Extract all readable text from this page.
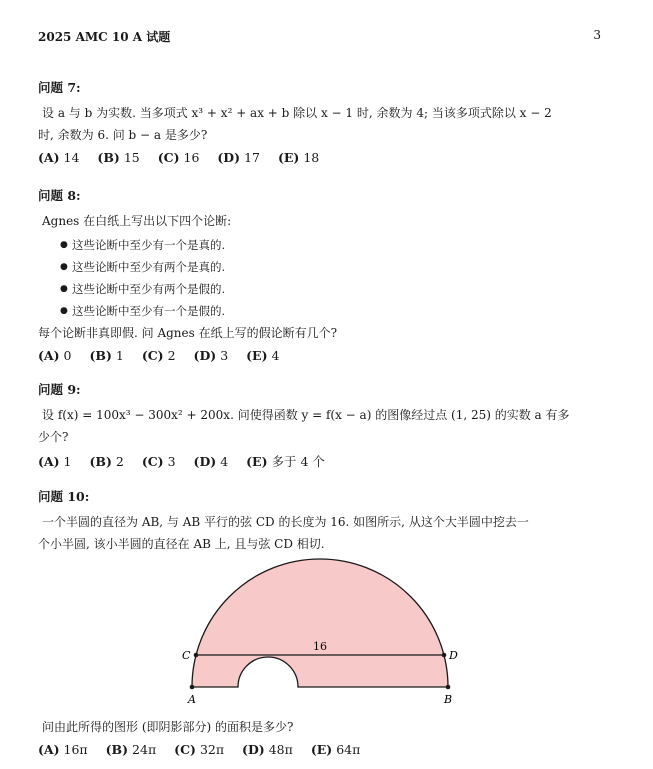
2025 AMC 10 A 试题	3
问题 7:
设 a 与 b 为实数. 当多项式 x³ + x² + ax + b 除以 x − 1 时, 余数为 4; 当该多项式除以 x − 2
时, 余数为 6. 问 b − a 是多少?
(A) 14 (B) 15 (C) 16 (D) 17 (E) 18
问题 8:
Agnes 在白纸上写出以下四个论断:
● 这些论断中至少有一个是真的.
● 这些论断中至少有两个是真的.
● 这些论断中至少有两个是假的.
● 这些论断中至少有一个是假的.
每个论断非真即假. 问 Agnes 在纸上写的假论断有几个?
(A) 0 (B) 1 (C) 2 (D) 3 (E) 4
问题 9:
设 f(x) = 100x³ − 300x² + 200x. 问使得函数 y = f(x − a) 的图像经过点 (1, 25) 的实数 a 有多
少个?
(A) 1 (B) 2 (C) 3 (D) 4 (E) 多于 4 个
问题 10:
一个半圆的直径为 AB, 与 AB 平行的弦 CD 的长度为 16. 如图所示, 从这个大半圆中挖去一
个小半圆, 该小半圆的直径在 AB 上, 且与弦 CD 相切.
16
C	D
A	B
问由此所得的图形 (即阴影部分) 的面积是多少?
(A) 16π (B) 24π (C) 32π (D) 48π (E) 64π
